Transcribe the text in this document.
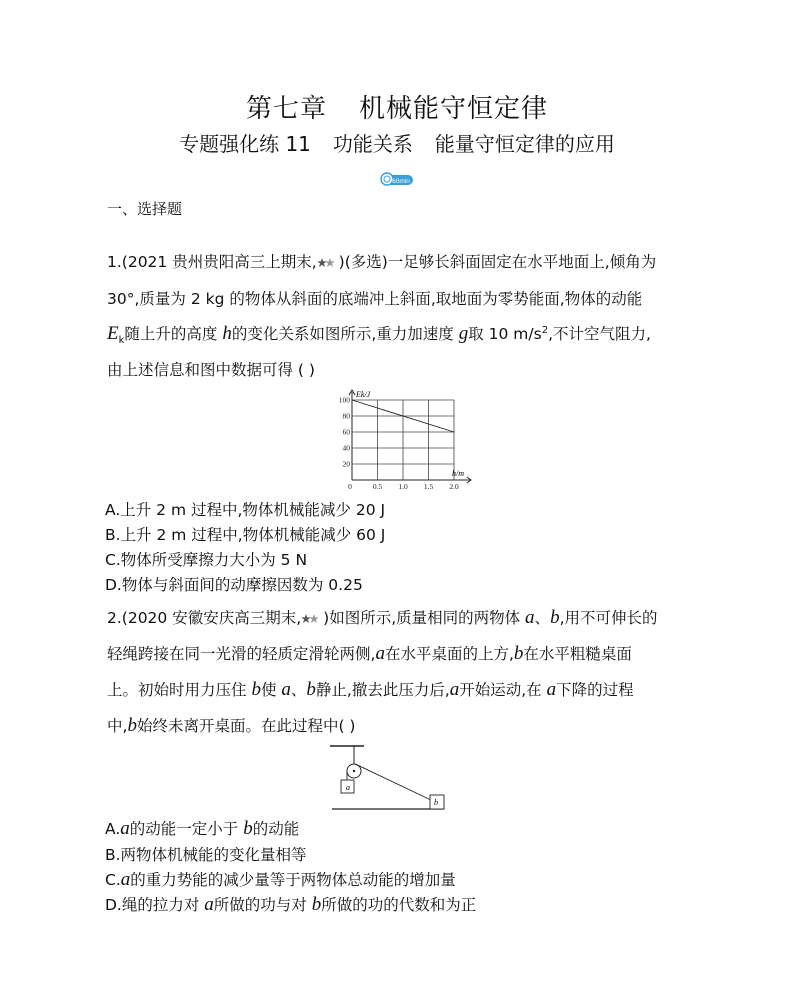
第七章 机械能守恒定律
专题强化练 11 功能关系 能量守恒定律的应用
60min
一、选择题
1.(2021 贵州贵阳高三上期末, )(多选)一足够长斜面固定在水平地面上,倾角为
30°,质量为 2 kg 的物体从斜面的底端冲上斜面,取地面为零势能面,物体的动能
$E_k$随上升的高度 h的变化关系如图所示,重力加速度 g取 10 $m/s^2$,不计空气阻力,
由上述信息和图中数据可得 ( )
Ek/J
h/m
100
80
60
40
20
0	0.5 1.0 1.5 2.0
A.上升 2 m 过程中,物体机械能减少 20 J
B.上升 2 m 过程中,物体机械能减少 60 J
C.物体所受摩擦力大小为 5 N
D.物体与斜面间的动摩擦因数为 0.25
2.(2020 安徽安庆高三期末, )如图所示,质量相同的两物体 a、b,用不可伸长的
轻绳跨接在同一光滑的轻质定滑轮两侧,a在水平桌面的上方,b在水平粗糙桌面
上。初始时用力压住 b使 a、b静止,撤去此压力后,a开始运动,在 a下降的过程
中,b始终未离开桌面。在此过程中( )
a
b
A.a的动能一定小于 b的动能
B.两物体机械能的变化量相等
C.a的重力势能的减少量等于两物体总动能的增加量
D.绳的拉力对 a所做的功与对 b所做的功的代数和为正
